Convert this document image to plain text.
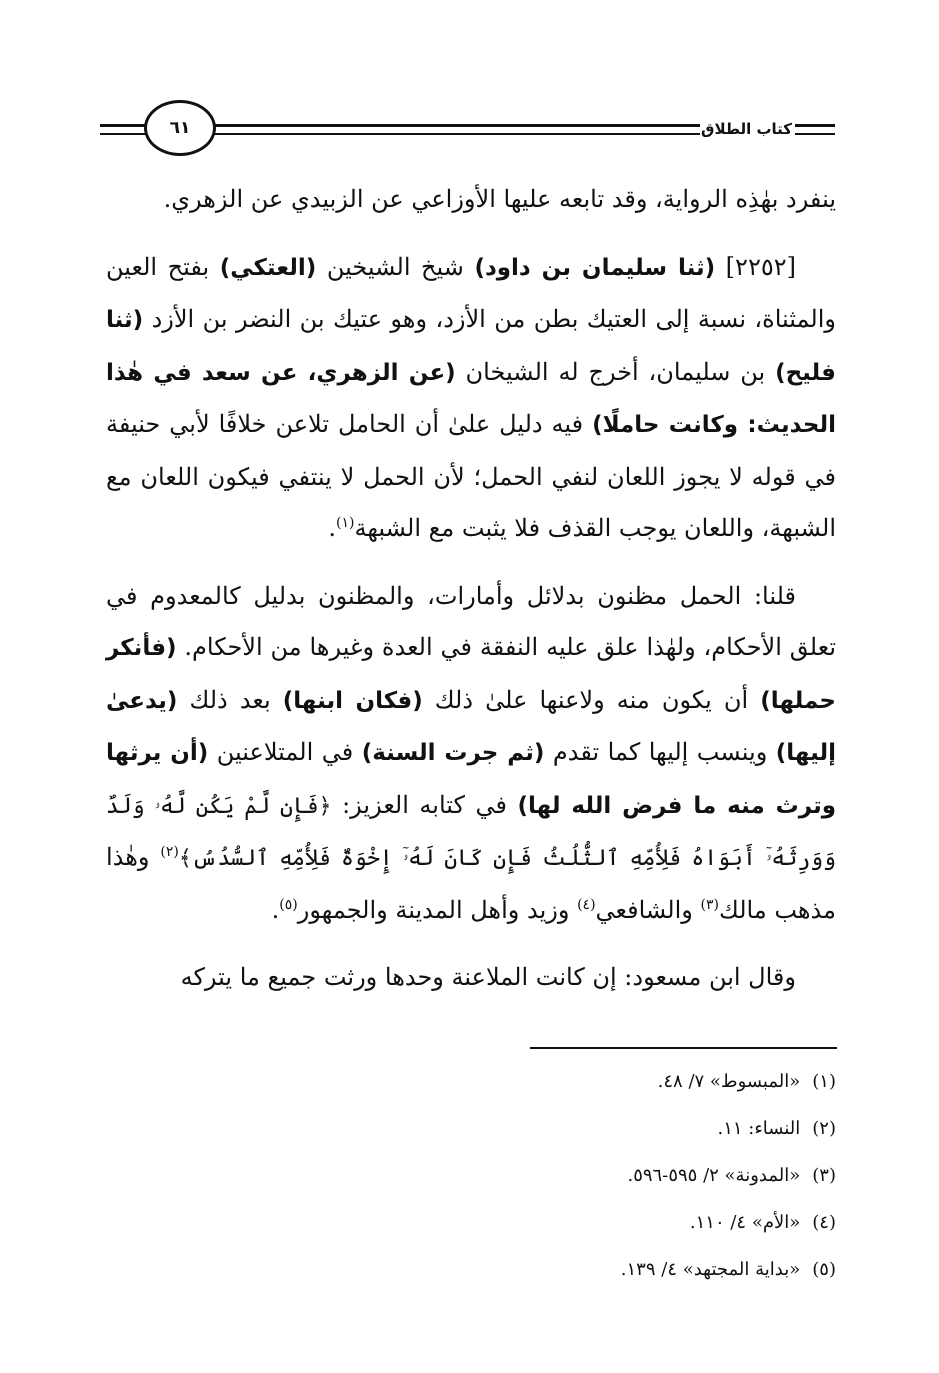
كتاب الطلاق
٦١

ينفرد بهٰذِه الرواية، وقد تابعه عليها الأوزاعي عن الزبيدي عن الزهري.

[٢٢٥٢] (ثنا سليمان بن داود) شيخ الشيخين (العتكي) بفتح العين والمثناة، نسبة إلى العتيك بطن من الأزد، وهو عتيك بن النضر بن الأزد (ثنا فليح) بن سليمان، أخرج له الشيخان (عن الزهري، عن سعد في هٰذا الحديث: وكانت حاملًا) فيه دليل علىٰ أن الحامل تلاعن خلافًا لأبي حنيفة في قوله لا يجوز اللعان لنفي الحمل؛ لأن الحمل لا ينتفي فيكون اللعان مع الشبهة، واللعان يوجب القذف فلا يثبت مع الشبهة$^{(١)}$.

قلنا: الحمل مظنون بدلائل وأمارات، والمظنون بدليل كالمعدوم في تعلق الأحكام، ولهٰذا علق عليه النفقة في العدة وغيرها من الأحكام. (فأنكر حملها) أن يكون منه ولاعنها علىٰ ذلك (فكان ابنها) بعد ذلك (يدعىٰ إليها) وينسب إليها كما تقدم (ثم جرت السنة) في المتلاعنين (أن يرثها وترث منه ما فرض الله لها) في كتابه العزيز: ﴿فَإِن لَّمْ يَكُن لَّهُۥ وَلَدٌ وَوَرِثَهُۥٓ أَبَوَاهُ فَلِأُمِّهِ ٱلثُّلُثُ فَإِن كَانَ لَهُۥٓ إِخْوَةٌ فَلِأُمِّهِ ٱلسُّدُسُ﴾$^{(٢)}$ وهٰذا مذهب مالك$^{(٣)}$ والشافعي$^{(٤)}$ وزيد وأهل المدينة والجمهور$^{(٥)}$.

وقال ابن مسعود: إن كانت الملاعنة وحدها ورثت جميع ما يتركه

(١)«المبسوط» ٧/ ٤٨.
(٢)النساء: ١١.
(٣)«المدونة» ٢/ ٥٩٥-٥٩٦.
(٤)«الأم» ٤/ ١١٠.
(٥)«بداية المجتهد» ٤/ ١٣٩.
